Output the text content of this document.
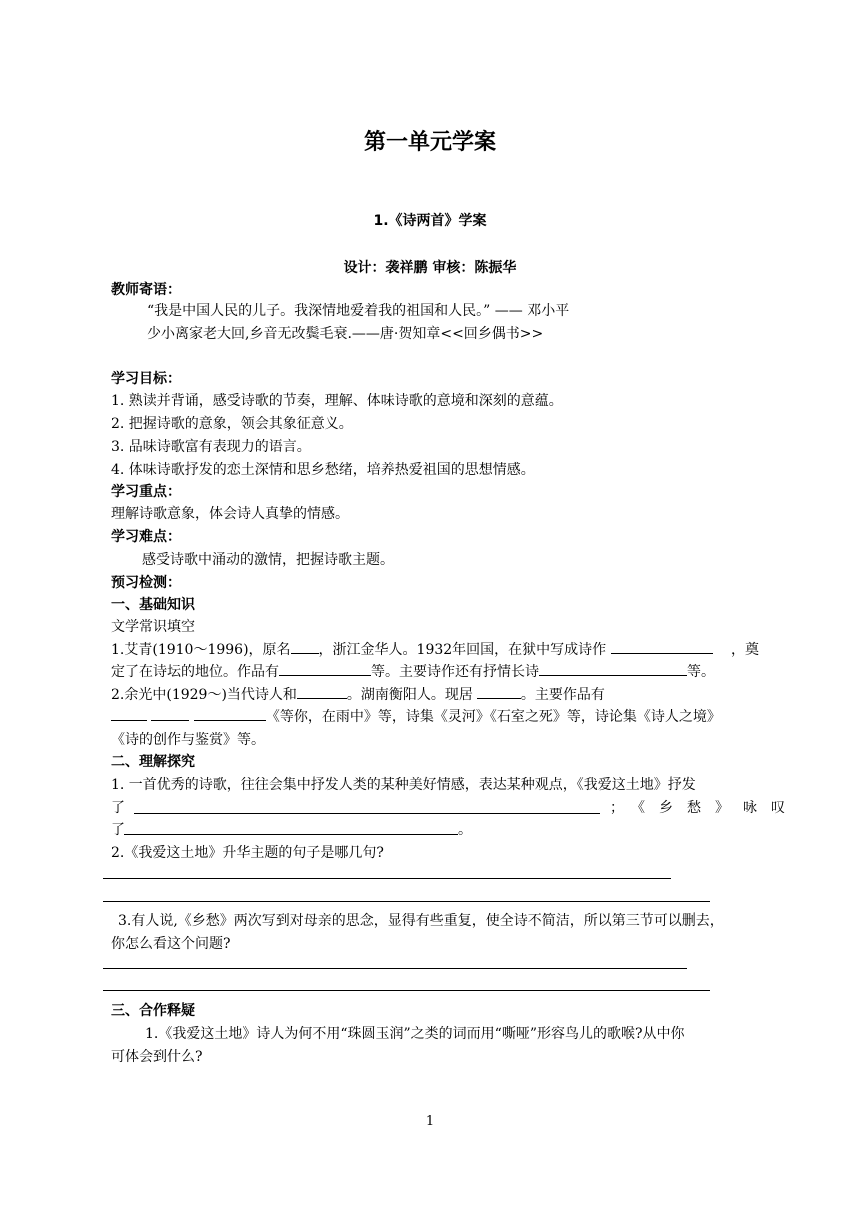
第一单元学案
1.《诗两首》学案
设计：袭祥鹏 审核：陈振华
教师寄语：
“我是中国人民的儿子。我深情地爱着我的祖国和人民。” —— 邓小平
少小离家老大回,乡音无改鬓毛衰.——唐·贺知章<<回乡偶书>>
学习目标：
1. 熟读并背诵，感受诗歌的节奏，理解、体味诗歌的意境和深刻的意蕴。
2. 把握诗歌的意象，领会其象征意义。
3. 品味诗歌富有表现力的语言。
4. 体味诗歌抒发的恋土深情和思乡愁绪，培养热爱祖国的思想情感。
学习重点：
理解诗歌意象，体会诗人真挚的情感。
学习难点：
感受诗歌中涌动的激情，把握诗歌主题。
预习检测：
一、基础知识
文学常识填空
1.艾青(1910～1996)，原名 ，浙江金华人。1932年回国，在狱中写成诗作	，奠
定了在诗坛的地位。作品有	等。主要诗作还有抒情长诗	等。
2.余光中(1929～)当代诗人和	。湖南衡阳人。现居	。主要作品有
《等你，在雨中》等，诗集《灵河》《石室之死》等，诗论集《诗人之境》
《诗的创作与鉴赏》等。
二、理解探究
1. 一首优秀的诗歌，往往会集中抒发人类的某种美好情感，表达某种观点，《我爱这土地》抒发
了	；《乡愁》咏叹
了	。
2.《我爱这土地》升华主题的句子是哪几句?
3.有人说,《乡愁》两次写到对母亲的思念，显得有些重复，使全诗不简洁，所以第三节可以删去，
你怎么看这个问题?
三、合作释疑
1.《我爱这土地》诗人为何不用“珠圆玉润”之类的词而用“嘶哑”形容鸟儿的歌喉?从中你
可体会到什么?
1
